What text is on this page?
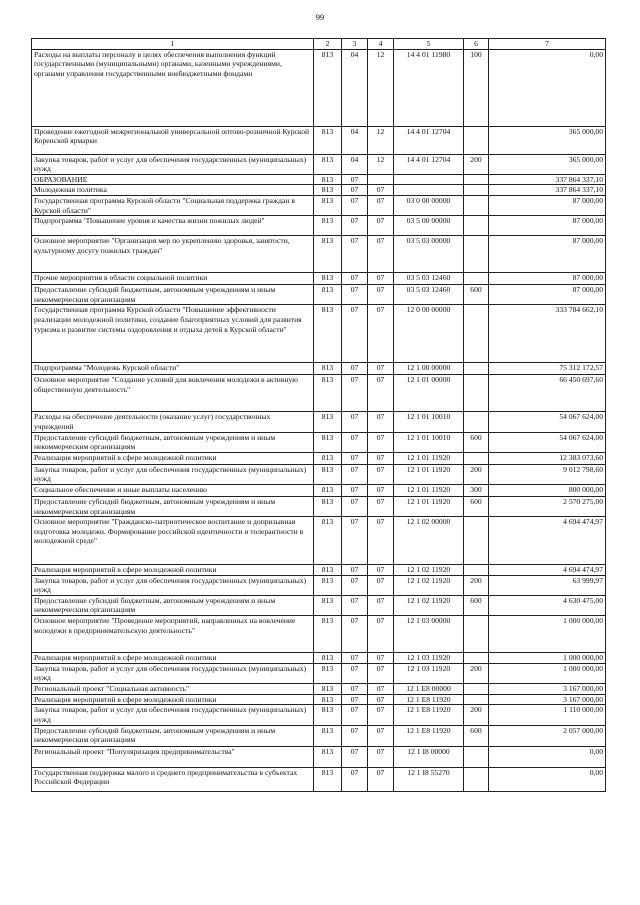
99
1	2	3	4	5	6	7
Расходы на выплаты персоналу в целях обеспечения выполнения функций государственными (муниципальными) органами, казенными учреждениями, органами управления государственными внебюджетными фондами	813	04	12	14 4 01 11980	100	0,00
Проведение ежегодной межрегиональной универсальной оптово-розничной Курской Коренской ярмарки	813	04	12	14 4 01 12704		365 000,00
Закупка товаров, работ и услуг для обеспечения государственных (муниципальных) нужд	813	04	12	14 4 01 12704	200	365 000,00
ОБРАЗОВАНИЕ	813	07				337 864 337,10
Молодежная политика	813	07	07			337 864 337,10
Государственная программа Курской области "Социальная поддержка граждан в Курской области"	813	07	07	03 0 00 00000		87 000,00
Подпрограмма "Повышение уровня и качества жизни пожилых людей"	813	07	07	03 5 00 00000		87 000,00
Основное мероприятие "Организация мер по укреплению здоровья, занятости, культурному досугу пожилых граждан"	813	07	07	03 5 03 00000		87 000,00
Прочие мероприятия в области социальной политики	813	07	07	03 5 03 12460		87 000,00
Предоставление субсидий бюджетным, автономным учреждениям и иным некоммерческим организациям	813	07	07	03 5 03 12460	600	87 000,00
Государственная программа Курской области "Повышение эффективности реализации молодежной политики, создание благоприятных условий для развития туризма и развитие системы оздоровления и отдыха детей в Курской области"	813	07	07	12 0 00 00000		333 784 662,10
Подпрограмма "Молодежь Курской области"	813	07	07	12 1 00 00000		75 312 172,57
Основное мероприятие "Создание условий для вовлечения молодежи в активную общественную деятельность"	813	07	07	12 1 01 00000		66 450 697,60
Расходы на обеспечение деятельности (оказание услуг) государственных учреждений	813	07	07	12 1 01 10010		54 067 624,00
Предоставление субсидий бюджетным, автономным учреждениям и иным некоммерческим организациям	813	07	07	12 1 01 10010	600	54 067 624,00
Реализация мероприятий в сфере молодежной политики	813	07	07	12 1 01 11920		12 383 073,60
Закупка товаров, работ и услуг для обеспечения государственных (муниципальных) нужд	813	07	07	12 1 01 11920	200	9 012 798,60
Социальное обеспечение и иные выплаты населению	813	07	07	12 1 01 11920	300	800 000,00
Предоставление субсидий бюджетным, автономным учреждениям и иным некоммерческим организациям	813	07	07	12 1 01 11920	600	2 570 275,00
Основное мероприятие "Гражданско-патриотическое воспитание и допризывная подготовка молодежи. Формирование российской идентичности и толерантности в молодежной среде"	813	07	07	12 1 02 00000		4 694 474,97
Реализация мероприятий в сфере молодежной политики	813	07	07	12 1 02 11920		4 694 474,97
Закупка товаров, работ и услуг для обеспечения государственных (муниципальных) нужд	813	07	07	12 1 02 11920	200	63 999,97
Предоставление субсидий бюджетным, автономным учреждениям и иным некоммерческим организациям	813	07	07	12 1 02 11920	600	4 630 475,00
Основное мероприятие "Проведение мероприятий, направленных на вовлечение молодежи в предпринимательскую деятельность"	813	07	07	12 1 03 00000		1 000 000,00
Реализация мероприятий в сфере молодежной политики	813	07	07	12 1 03 11920		1 000 000,00
Закупка товаров, работ и услуг для обеспечения государственных (муниципальных) нужд	813	07	07	12 1 03 11920	200	1 000 000,00
Региональный проект "Социальная активность"	813	07	07	12 1 E8 00000		3 167 000,00
Реализация мероприятий в сфере молодежной политики	813	07	07	12 1 E8 11920		3 167 000,00
Закупка товаров, работ и услуг для обеспечения государственных (муниципальных) нужд	813	07	07	12 1 E8 11920	200	1 110 000,00
Предоставление субсидий бюджетным, автономным учреждениям и иным некоммерческим организациям	813	07	07	12 1 E8 11920	600	2 057 000,00
Региональный проект "Популяризация предпринимательства"	813	07	07	12 1 I8 00000		0,00
Государственная поддержка малого и среднего предпринимательства в субъектах Российской Федерации	813	07	07	12 1 I8 55270		0,00
